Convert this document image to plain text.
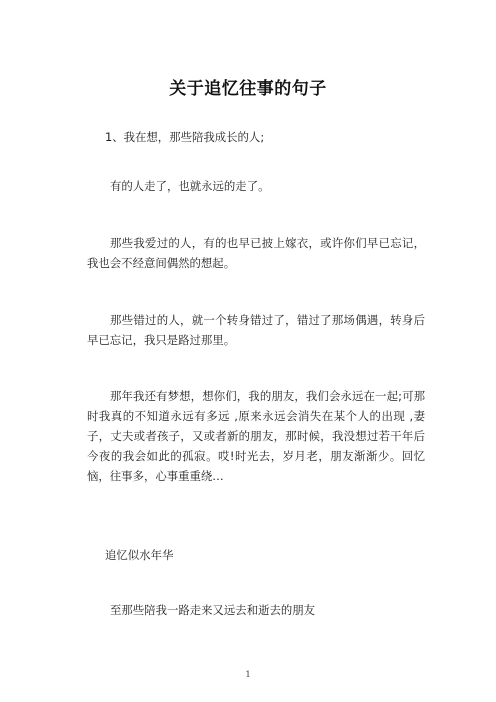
关于追忆往事的句子
1、我在想，那些陪我成长的人;
有的人走了，也就永远的走了。
那些我爱过的人，有的也早已披上嫁衣，或许你们早已忘记，我也会不经意间偶然的想起。
那些错过的人，就一个转身错过了，错过了那场偶遇，转身后早已忘记，我只是路过那里。
那年我还有梦想，想你们，我的朋友，我们会永远在一起;可那时我真的不知道永远有多远 ,原来永远会消失在某个人的出现 ,妻子，丈夫或者孩子，又或者新的朋友，那时候，我没想过若干年后今夜的我会如此的孤寂。哎!时光去，岁月老，朋友渐渐少。回忆恼，往事多，心事重重绕…
追忆似水年华
至那些陪我一路走来又远去和逝去的朋友
1
